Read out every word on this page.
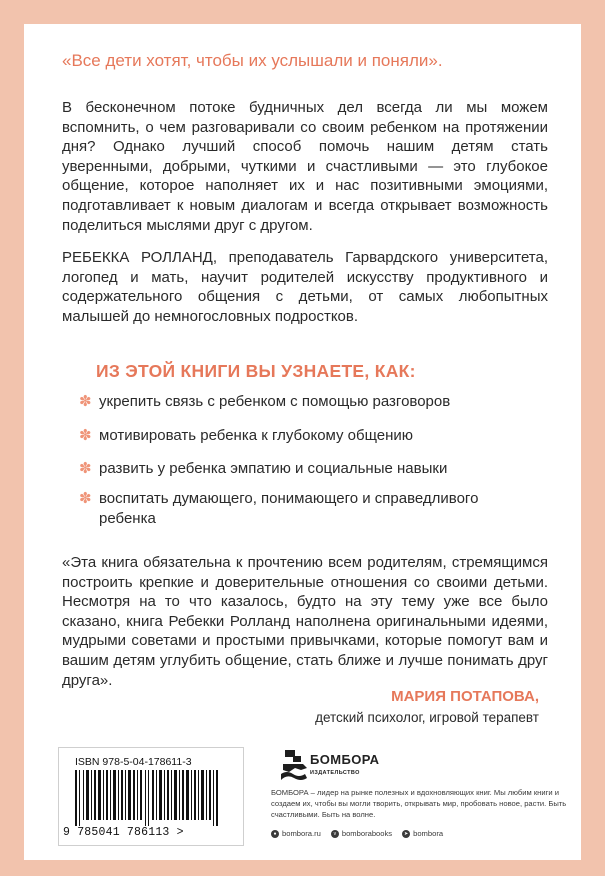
«Все дети хотят, чтобы их услышали и поняли».
В бесконечном потоке будничных дел всегда ли мы можем вспомнить, о чем разговаривали со своим ребенком на протяжении дня? Однако лучший способ помочь нашим детям стать уверенными, добрыми, чуткими и счастливыми — это глубокое общение, которое наполняет их и нас позитивными эмоциями, подготавливает к новым диалогам и всегда открывает возможность поделиться мыслями друг с другом.
РЕБЕККА РОЛЛАНД, преподаватель Гарвардского университета, логопед и мать, научит родителей искусству продуктивного и содержательного общения с детьми, от самых любопытных малышей до немногословных подростков.
ИЗ ЭТОЙ КНИГИ ВЫ УЗНАЕТЕ, КАК:
✽ укрепить связь с ребенком с помощью разговоров
✽ мотивировать ребенка к глубокому общению
✽ развить у ребенка эмпатию и социальные навыки
✽ воспитать думающего, понимающего и справедливого ребенка
«Эта книга обязательна к прочтению всем родителям, стремящимся построить крепкие и доверительные отношения со своими детьми. Несмотря на то что казалось, будто на эту тему уже все было сказано, книга Ребекки Ролланд наполнена оригинальными идеями, мудрыми советами и простыми привычками, которые помогут вам и вашим детям углубить общение, стать ближе и лучше понимать друг друга».
МАРИЯ ПОТАПОВА,
детский психолог, игровой терапевт
ISBN 978-5-04-178611-3
9 785041 786113 >
БОМБОРА
ИЗДАТЕЛЬСТВО
БОМБОРА – лидер на рынке полезных и вдохновляющих книг. Мы любим книги и создаем их, чтобы вы могли творить, открывать мир, пробовать новое, расти. Быть счастливыми. Быть на волне.
● bombora.ru	v bomborabooks	➤ bombora
